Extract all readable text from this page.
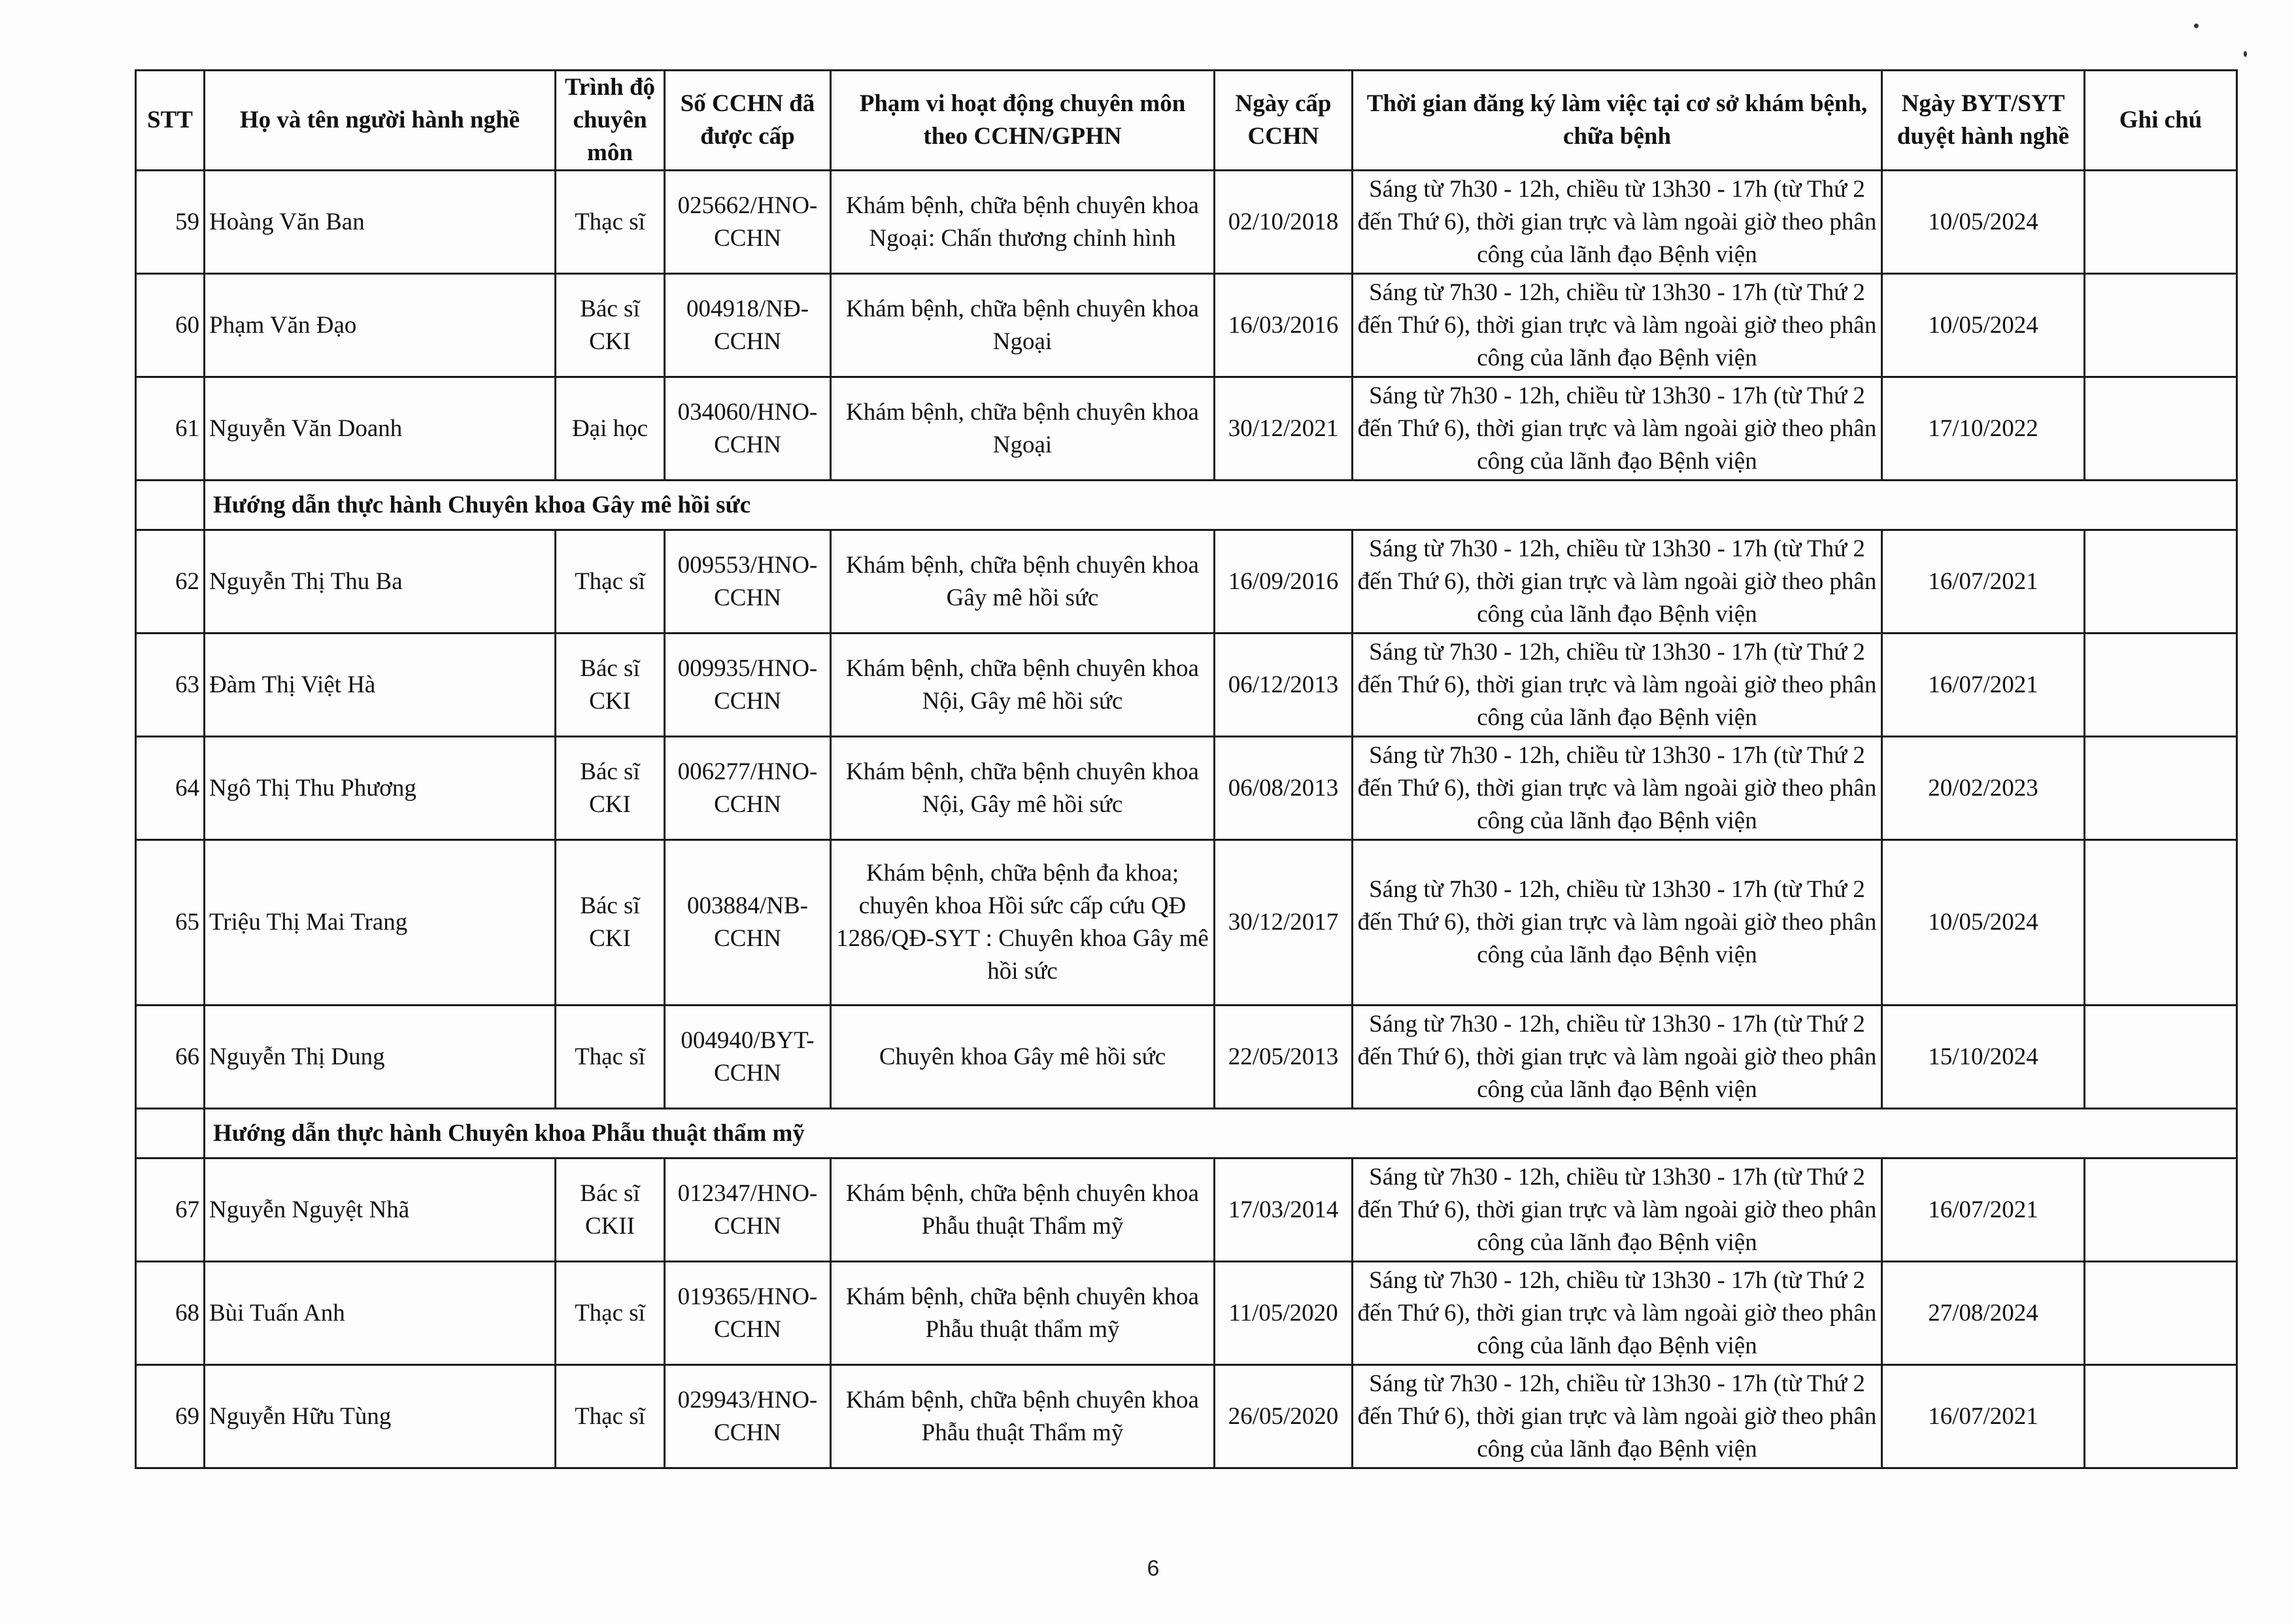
STT	Họ và tên người hành nghề	Trình độ chuyên môn	Số CCHN đã được cấp	Phạm vi hoạt động chuyên môn theo CCHN/GPHN	Ngày cấp CCHN	Thời gian đăng ký làm việc tại cơ sở khám bệnh, chữa bệnh	Ngày BYT/SYT duyệt hành nghề	Ghi chú
59	Hoàng Văn Ban	Thạc sĩ	025662/HNO-CCHN	Khám bệnh, chữa bệnh chuyên khoa Ngoại: Chấn thương chỉnh hình	02/10/2018	Sáng từ 7h30 - 12h, chiều từ 13h30 - 17h (từ Thứ 2 đến Thứ 6), thời gian trực và làm ngoài giờ theo phân công của lãnh đạo Bệnh viện	10/05/2024	
60	Phạm Văn Đạo	Bác sĩ CKI	004918/NĐ-CCHN	Khám bệnh, chữa bệnh chuyên khoa Ngoại	16/03/2016	Sáng từ 7h30 - 12h, chiều từ 13h30 - 17h (từ Thứ 2 đến Thứ 6), thời gian trực và làm ngoài giờ theo phân công của lãnh đạo Bệnh viện	10/05/2024	
61	Nguyễn Văn Doanh	Đại học	034060/HNO-CCHN	Khám bệnh, chữa bệnh chuyên khoa Ngoại	30/12/2021	Sáng từ 7h30 - 12h, chiều từ 13h30 - 17h (từ Thứ 2 đến Thứ 6), thời gian trực và làm ngoài giờ theo phân công của lãnh đạo Bệnh viện	17/10/2022	
	Hướng dẫn thực hành Chuyên khoa Gây mê hồi sức							
62	Nguyễn Thị Thu Ba	Thạc sĩ	009553/HNO-CCHN	Khám bệnh, chữa bệnh chuyên khoa Gây mê hồi sức	16/09/2016	Sáng từ 7h30 - 12h, chiều từ 13h30 - 17h (từ Thứ 2 đến Thứ 6), thời gian trực và làm ngoài giờ theo phân công của lãnh đạo Bệnh viện	16/07/2021	
63	Đàm Thị Việt Hà	Bác sĩ CKI	009935/HNO-CCHN	Khám bệnh, chữa bệnh chuyên khoa Nội, Gây mê hồi sức	06/12/2013	Sáng từ 7h30 - 12h, chiều từ 13h30 - 17h (từ Thứ 2 đến Thứ 6), thời gian trực và làm ngoài giờ theo phân công của lãnh đạo Bệnh viện	16/07/2021	
64	Ngô Thị Thu Phương	Bác sĩ CKI	006277/HNO-CCHN	Khám bệnh, chữa bệnh chuyên khoa Nội, Gây mê hồi sức	06/08/2013	Sáng từ 7h30 - 12h, chiều từ 13h30 - 17h (từ Thứ 2 đến Thứ 6), thời gian trực và làm ngoài giờ theo phân công của lãnh đạo Bệnh viện	20/02/2023	
65	Triệu Thị Mai Trang	Bác sĩ CKI	003884/NB-CCHN	Khám bệnh, chữa bệnh đa khoa; chuyên khoa Hồi sức cấp cứu QĐ 1286/QĐ-SYT : Chuyên khoa Gây mê hồi sức	30/12/2017	Sáng từ 7h30 - 12h, chiều từ 13h30 - 17h (từ Thứ 2 đến Thứ 6), thời gian trực và làm ngoài giờ theo phân công của lãnh đạo Bệnh viện	10/05/2024	
66	Nguyễn Thị Dung	Thạc sĩ	004940/BYT-CCHN	Chuyên khoa Gây mê hồi sức	22/05/2013	Sáng từ 7h30 - 12h, chiều từ 13h30 - 17h (từ Thứ 2 đến Thứ 6), thời gian trực và làm ngoài giờ theo phân công của lãnh đạo Bệnh viện	15/10/2024	
	Hướng dẫn thực hành Chuyên khoa Phẫu thuật thẩm mỹ							
67	Nguyễn Nguyệt Nhã	Bác sĩ CKII	012347/HNO-CCHN	Khám bệnh, chữa bệnh chuyên khoa Phẫu thuật Thẩm mỹ	17/03/2014	Sáng từ 7h30 - 12h, chiều từ 13h30 - 17h (từ Thứ 2 đến Thứ 6), thời gian trực và làm ngoài giờ theo phân công của lãnh đạo Bệnh viện	16/07/2021	
68	Bùi Tuấn Anh	Thạc sĩ	019365/HNO-CCHN	Khám bệnh, chữa bệnh chuyên khoa Phẫu thuật thẩm mỹ	11/05/2020	Sáng từ 7h30 - 12h, chiều từ 13h30 - 17h (từ Thứ 2 đến Thứ 6), thời gian trực và làm ngoài giờ theo phân công của lãnh đạo Bệnh viện	27/08/2024	
69	Nguyễn Hữu Tùng	Thạc sĩ	029943/HNO-CCHN	Khám bệnh, chữa bệnh chuyên khoa Phẫu thuật Thẩm mỹ	26/05/2020	Sáng từ 7h30 - 12h, chiều từ 13h30 - 17h (từ Thứ 2 đến Thứ 6), thời gian trực và làm ngoài giờ theo phân công của lãnh đạo Bệnh viện	16/07/2021	
6
